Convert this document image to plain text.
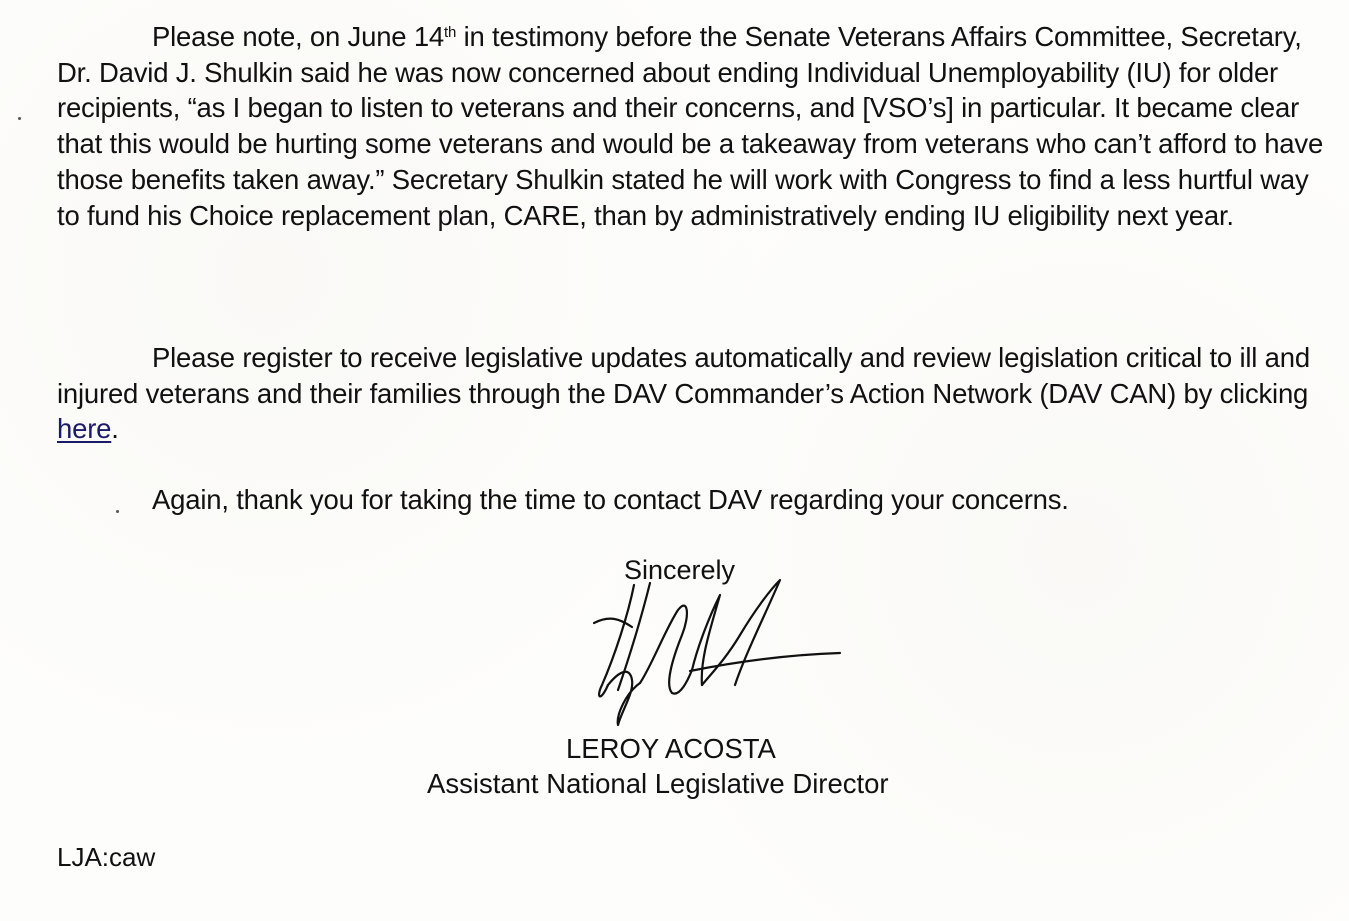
Please note, on June 14th in testimony before the Senate Veterans Affairs Committee, Secretary, Dr. David J. Shulkin said he was now concerned about ending Individual Unemployability (IU) for older recipients, “as I began to listen to veterans and their concerns, and [VSO’s] in particular. It became clear that this would be hurting some veterans and would be a takeaway from veterans who can’t afford to have those benefits taken away.” Secretary Shulkin stated he will work with Congress to find a less hurtful way to fund his Choice replacement plan, CARE, than by administratively ending IU eligibility next year.

Please register to receive legislative updates automatically and review legislation critical to ill and injured veterans and their families through the DAV Commander’s Action Network (DAV CAN) by clicking here.

Again, thank you for taking the time to contact DAV regarding your concerns.

Sincerely
LEROY ACOSTA
Assistant National Legislative Director
LJA:caw
